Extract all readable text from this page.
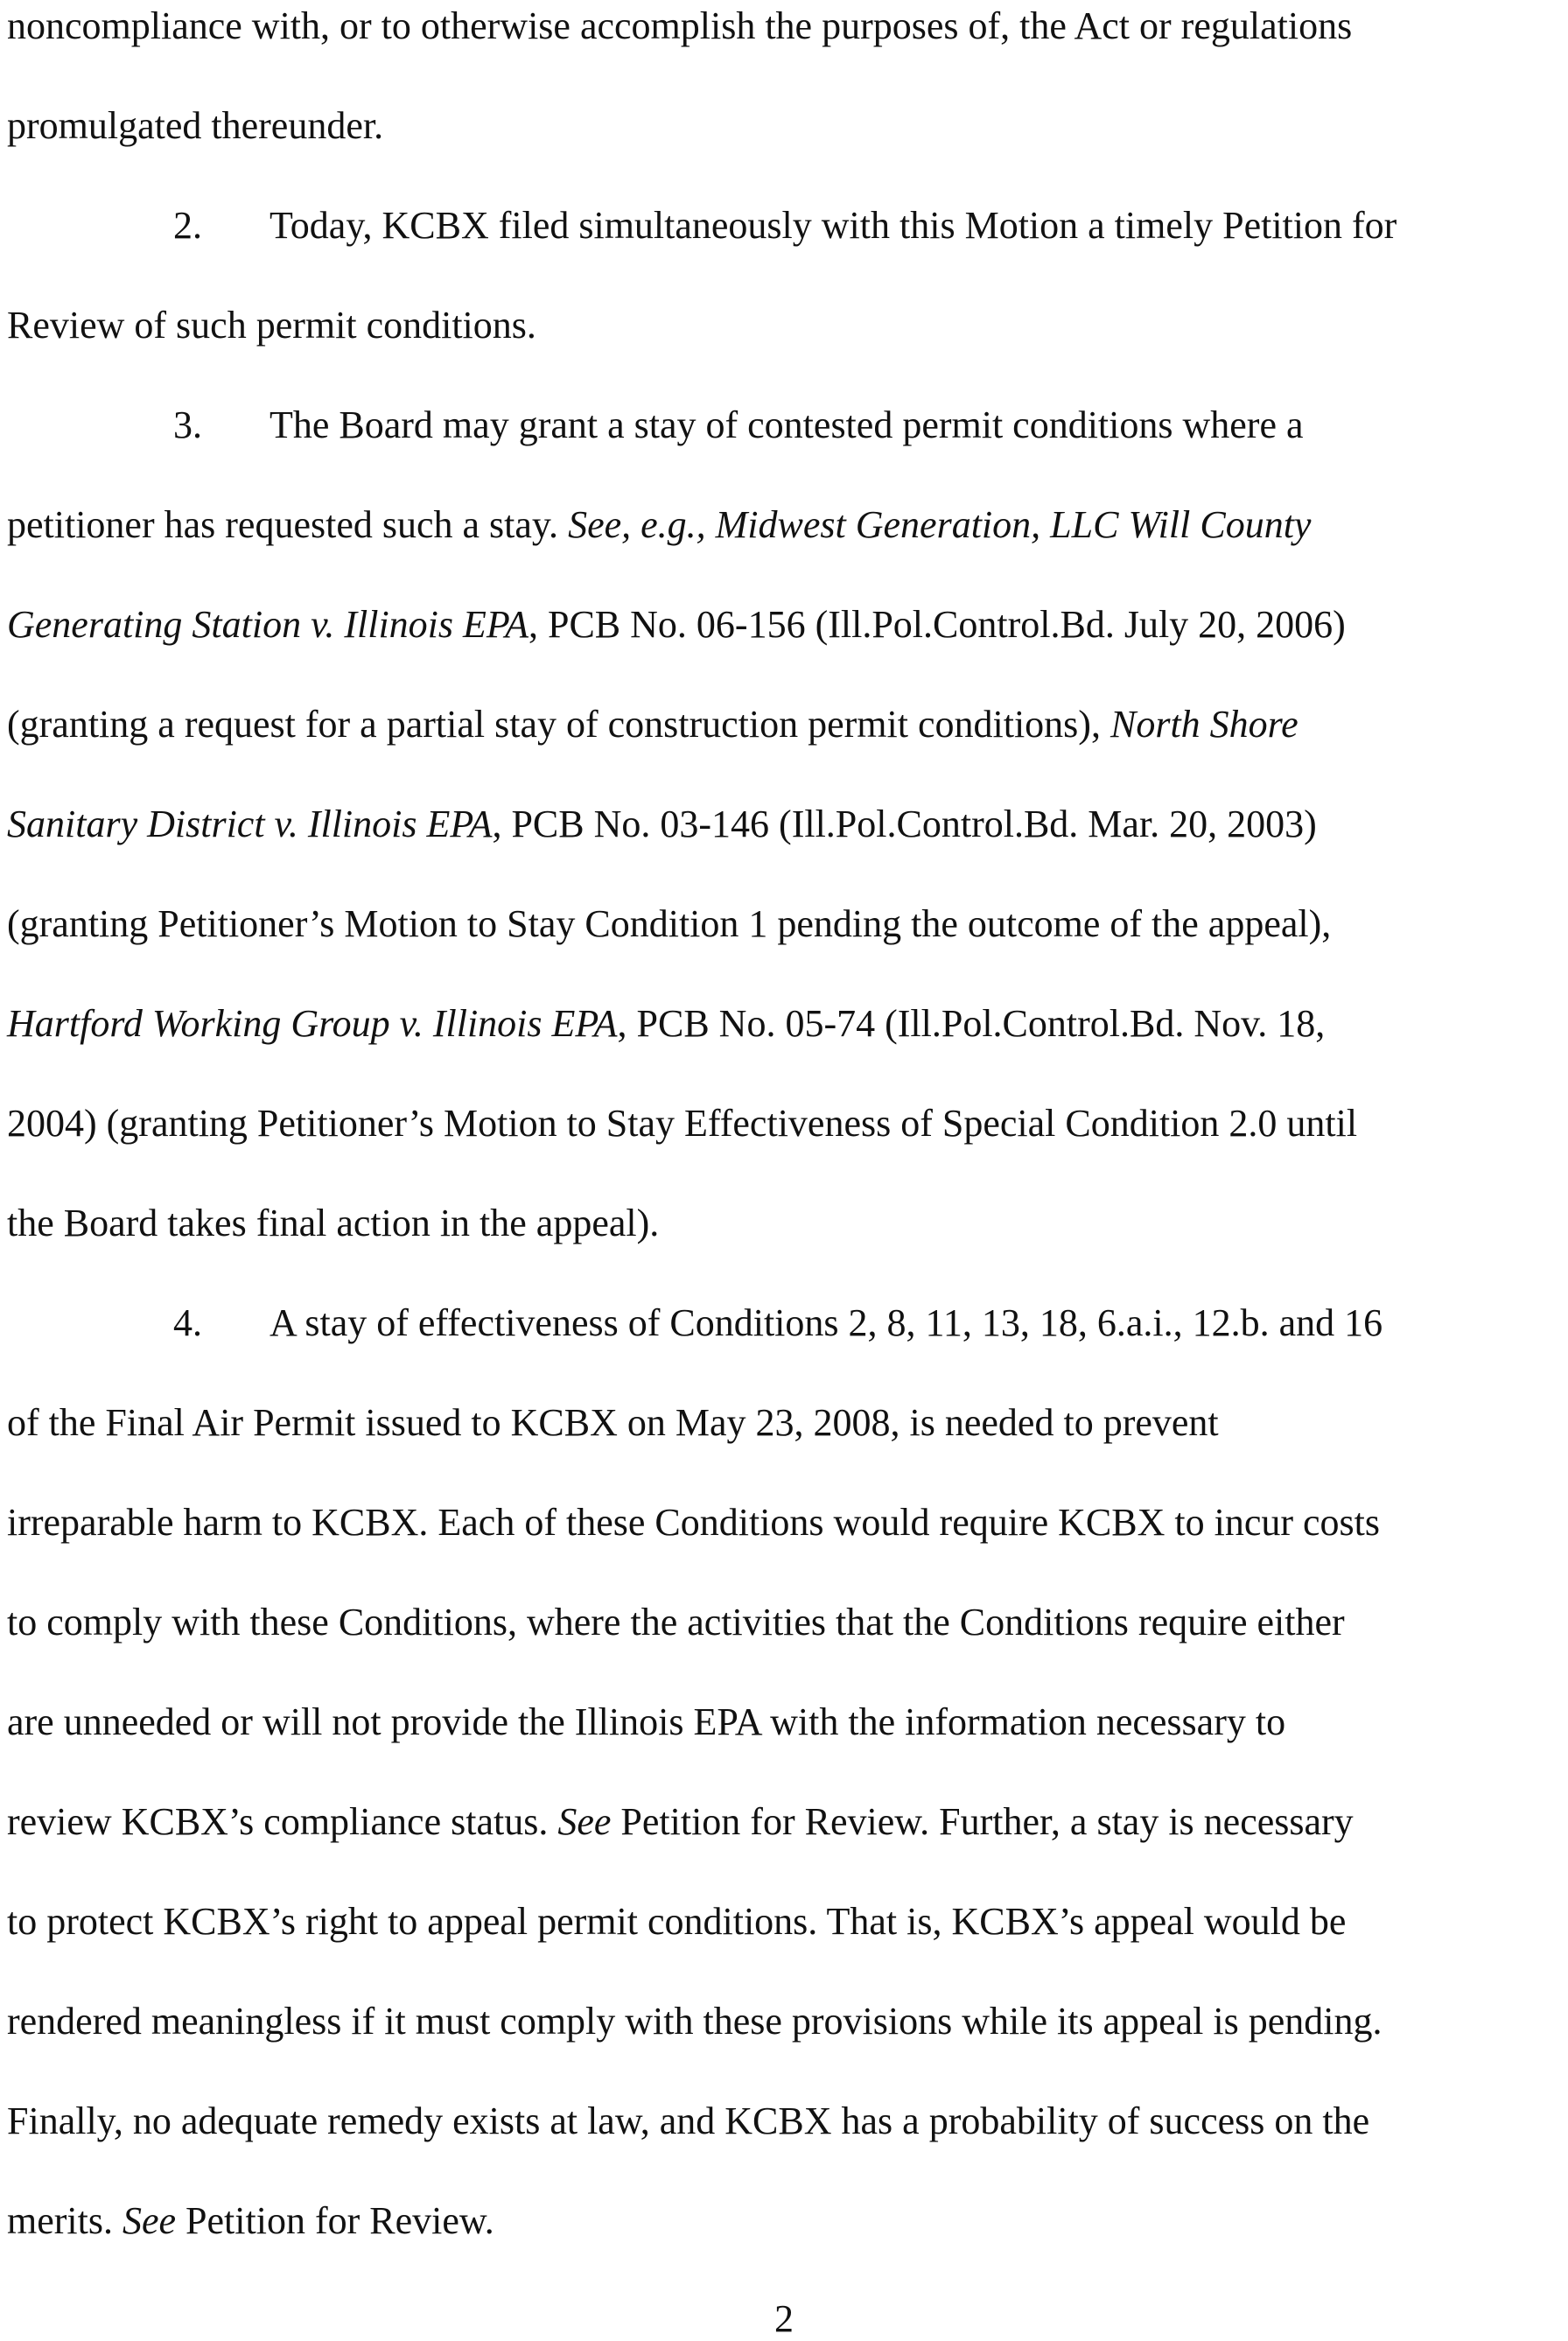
noncompliance with, or to otherwise accomplish the purposes of, the Act or regulations
promulgated thereunder.
2. Today, KCBX filed simultaneously with this Motion a timely Petition for
Review of such permit conditions.
3. The Board may grant a stay of contested permit conditions where a
petitioner has requested such a stay. See, e.g., Midwest Generation, LLC Will County
Generating Station v. Illinois EPA, PCB No. 06-156 (Ill.Pol.Control.Bd. July 20, 2006)
(granting a request for a partial stay of construction permit conditions), North Shore
Sanitary District v. Illinois EPA, PCB No. 03-146 (Ill.Pol.Control.Bd. Mar. 20, 2003)
(granting Petitioner’s Motion to Stay Condition 1 pending the outcome of the appeal),
Hartford Working Group v. Illinois EPA, PCB No. 05-74 (Ill.Pol.Control.Bd. Nov. 18,
2004) (granting Petitioner’s Motion to Stay Effectiveness of Special Condition 2.0 until
the Board takes final action in the appeal).
4. A stay of effectiveness of Conditions 2, 8, 11, 13, 18, 6.a.i., 12.b. and 16
of the Final Air Permit issued to KCBX on May 23, 2008, is needed to prevent
irreparable harm to KCBX. Each of these Conditions would require KCBX to incur costs
to comply with these Conditions, where the activities that the Conditions require either
are unneeded or will not provide the Illinois EPA with the information necessary to
review KCBX’s compliance status. See Petition for Review. Further, a stay is necessary
to protect KCBX’s right to appeal permit conditions. That is, KCBX’s appeal would be
rendered meaningless if it must comply with these provisions while its appeal is pending.
Finally, no adequate remedy exists at law, and KCBX has a probability of success on the
merits. See Petition for Review.
2
